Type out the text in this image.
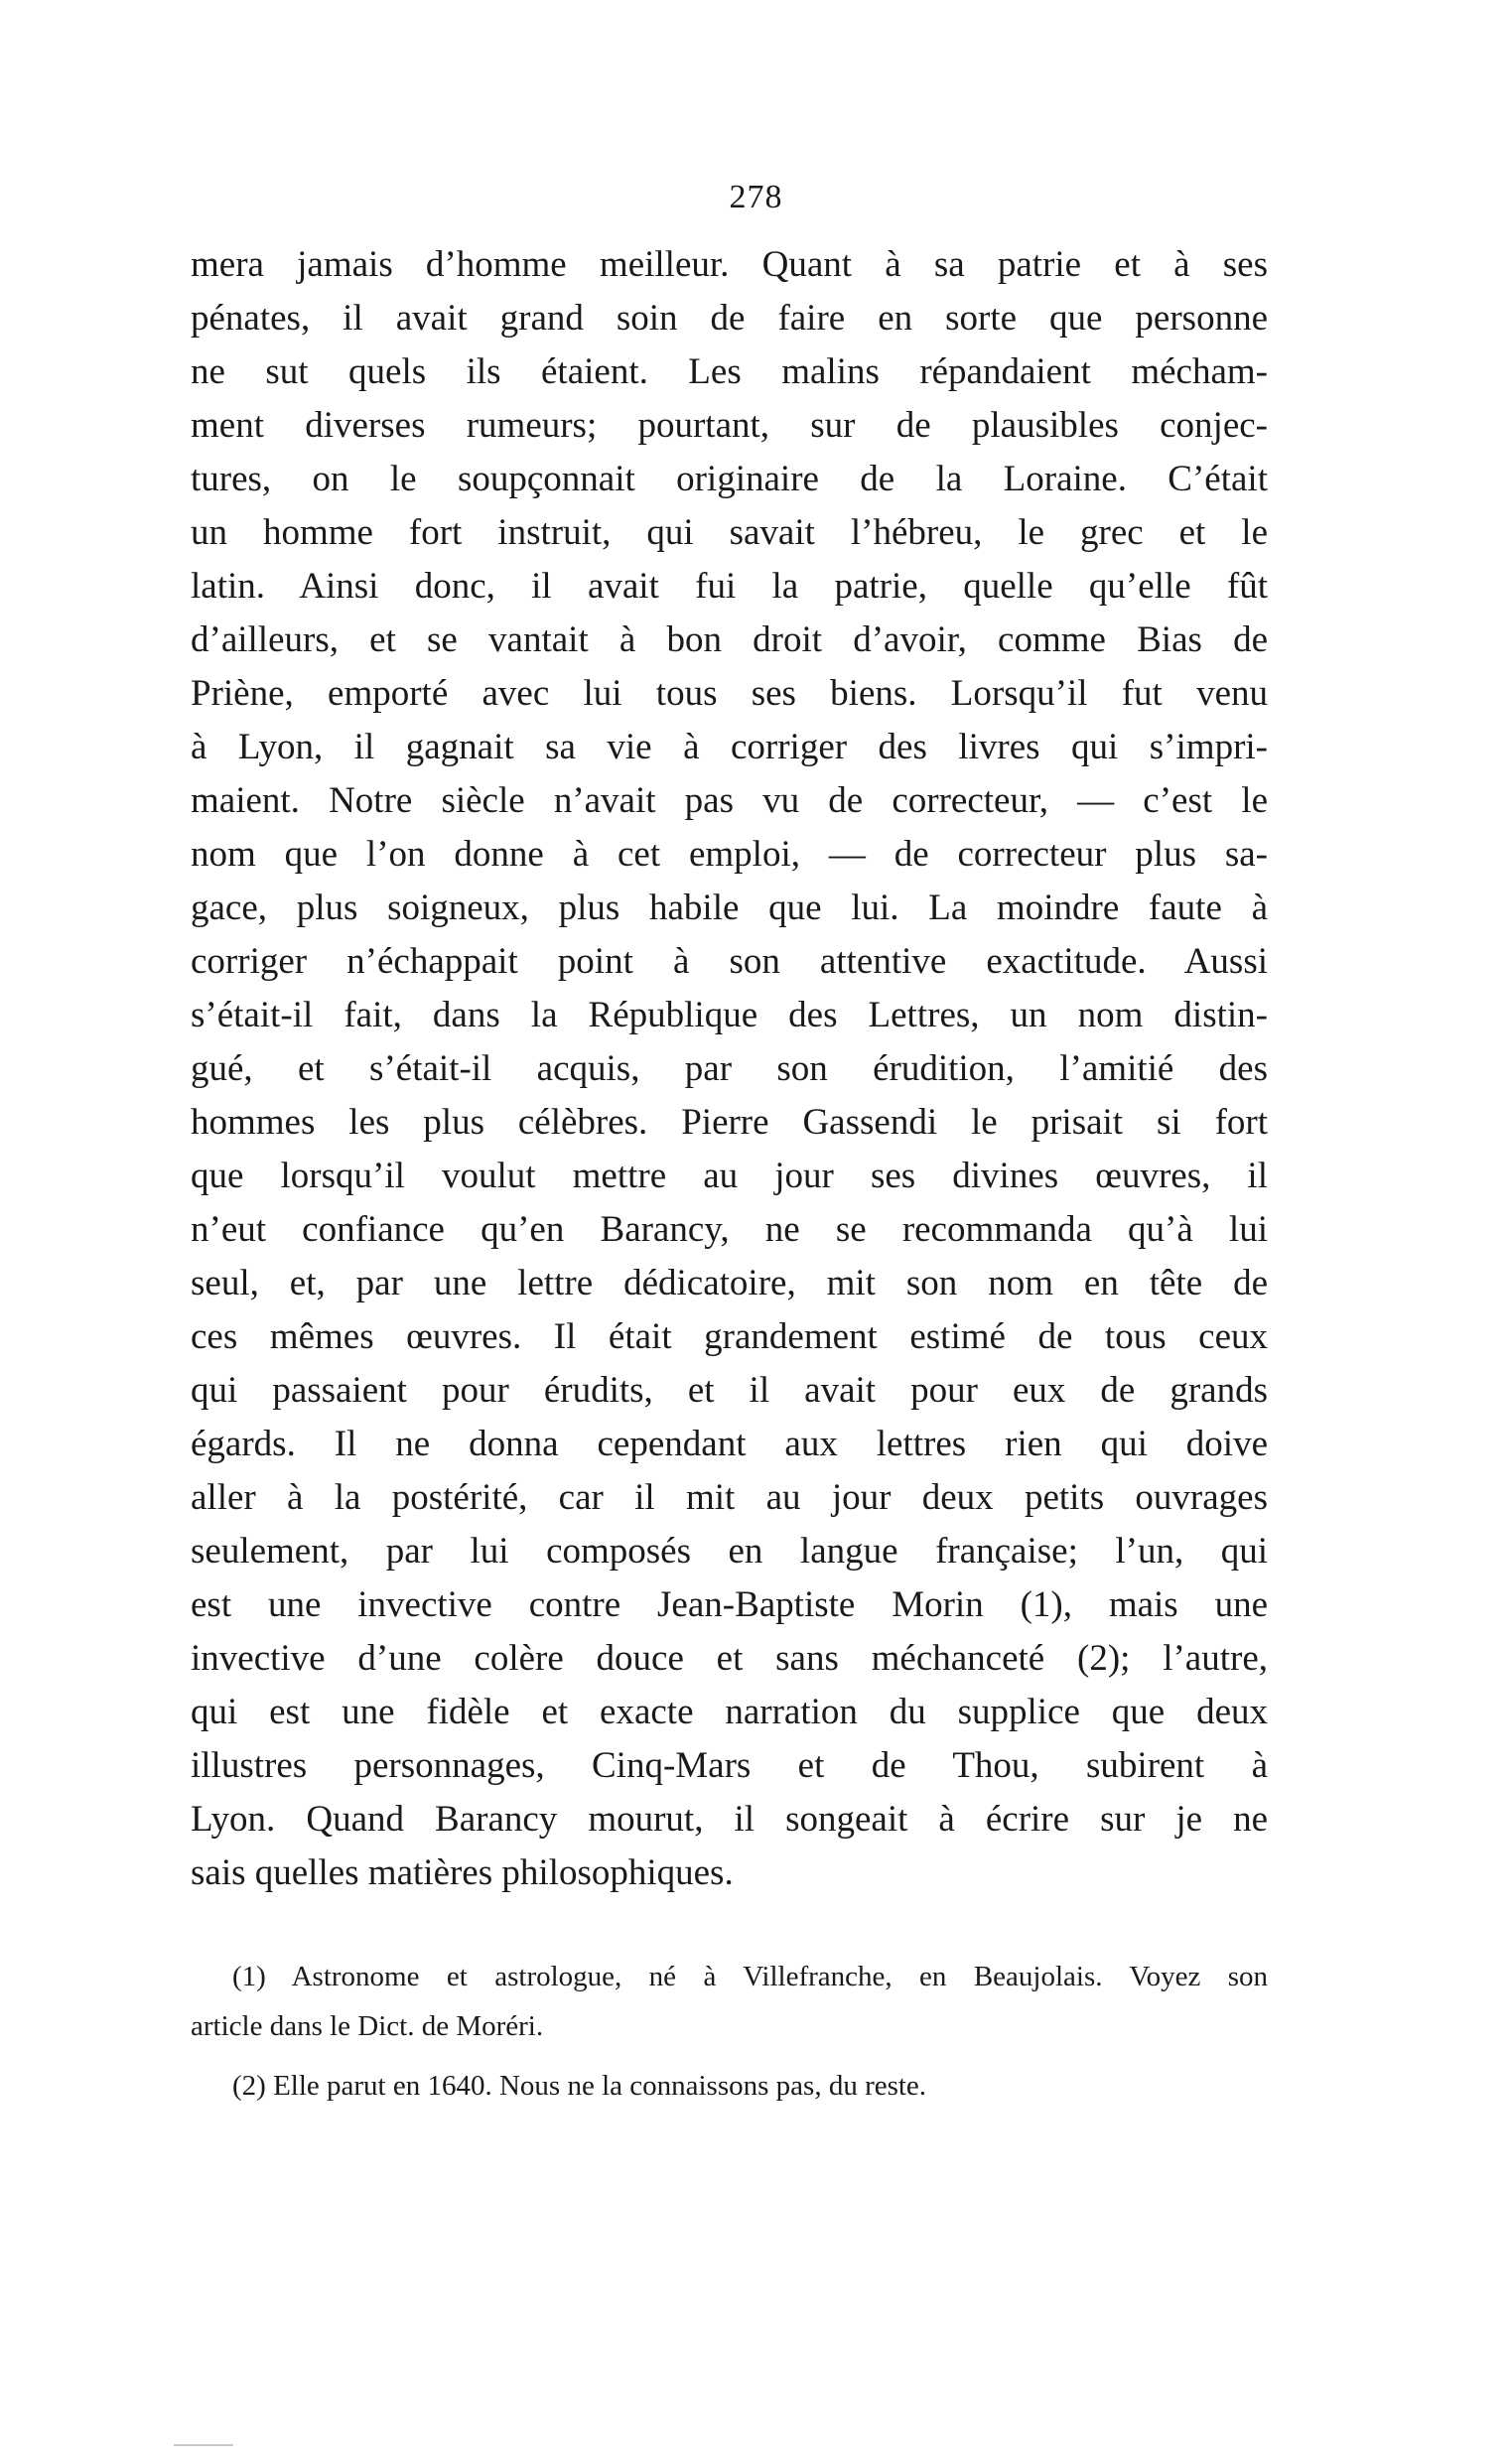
278
mera jamais d’homme meilleur. Quant à sa patrie et à ses
pénates, il avait grand soin de faire en sorte que personne
ne sut quels ils étaient. Les malins répandaient mécham-
ment diverses rumeurs; pourtant, sur de plausibles conjec-
tures, on le soupçonnait originaire de la Loraine. C’était
un homme fort instruit, qui savait l’hébreu, le grec et le
latin. Ainsi donc, il avait fui la patrie, quelle qu’elle fût
d’ailleurs, et se vantait à bon droit d’avoir, comme Bias de
Priène, emporté avec lui tous ses biens. Lorsqu’il fut venu
à Lyon, il gagnait sa vie à corriger des livres qui s’impri-
maient. Notre siècle n’avait pas vu de correcteur, — c’est le
nom que l’on donne à cet emploi, — de correcteur plus sa-
gace, plus soigneux, plus habile que lui. La moindre faute à
corriger n’échappait point à son attentive exactitude. Aussi
s’était-il fait, dans la République des Lettres, un nom distin-
gué, et s’était-il acquis, par son érudition, l’amitié des
hommes les plus célèbres. Pierre Gassendi le prisait si fort
que lorsqu’il voulut mettre au jour ses divines œuvres, il
n’eut confiance qu’en Barancy, ne se recommanda qu’à lui
seul, et, par une lettre dédicatoire, mit son nom en tête de
ces mêmes œuvres. Il était grandement estimé de tous ceux
qui passaient pour érudits, et il avait pour eux de grands
égards. Il ne donna cependant aux lettres rien qui doive
aller à la postérité, car il mit au jour deux petits ouvrages
seulement, par lui composés en langue française; l’un, qui
est une invective contre Jean-Baptiste Morin (1), mais une
invective d’une colère douce et sans méchanceté (2); l’autre,
qui est une fidèle et exacte narration du supplice que deux
illustres personnages, Cinq-Mars et de Thou, subirent à
Lyon. Quand Barancy mourut, il songeait à écrire sur je ne
sais quelles matières philosophiques.
(1) Astronome et astrologue, né à Villefranche, en Beaujolais. Voyez son
article dans le Dict. de Moréri.
(2) Elle parut en 1640. Nous ne la connaissons pas, du reste.
